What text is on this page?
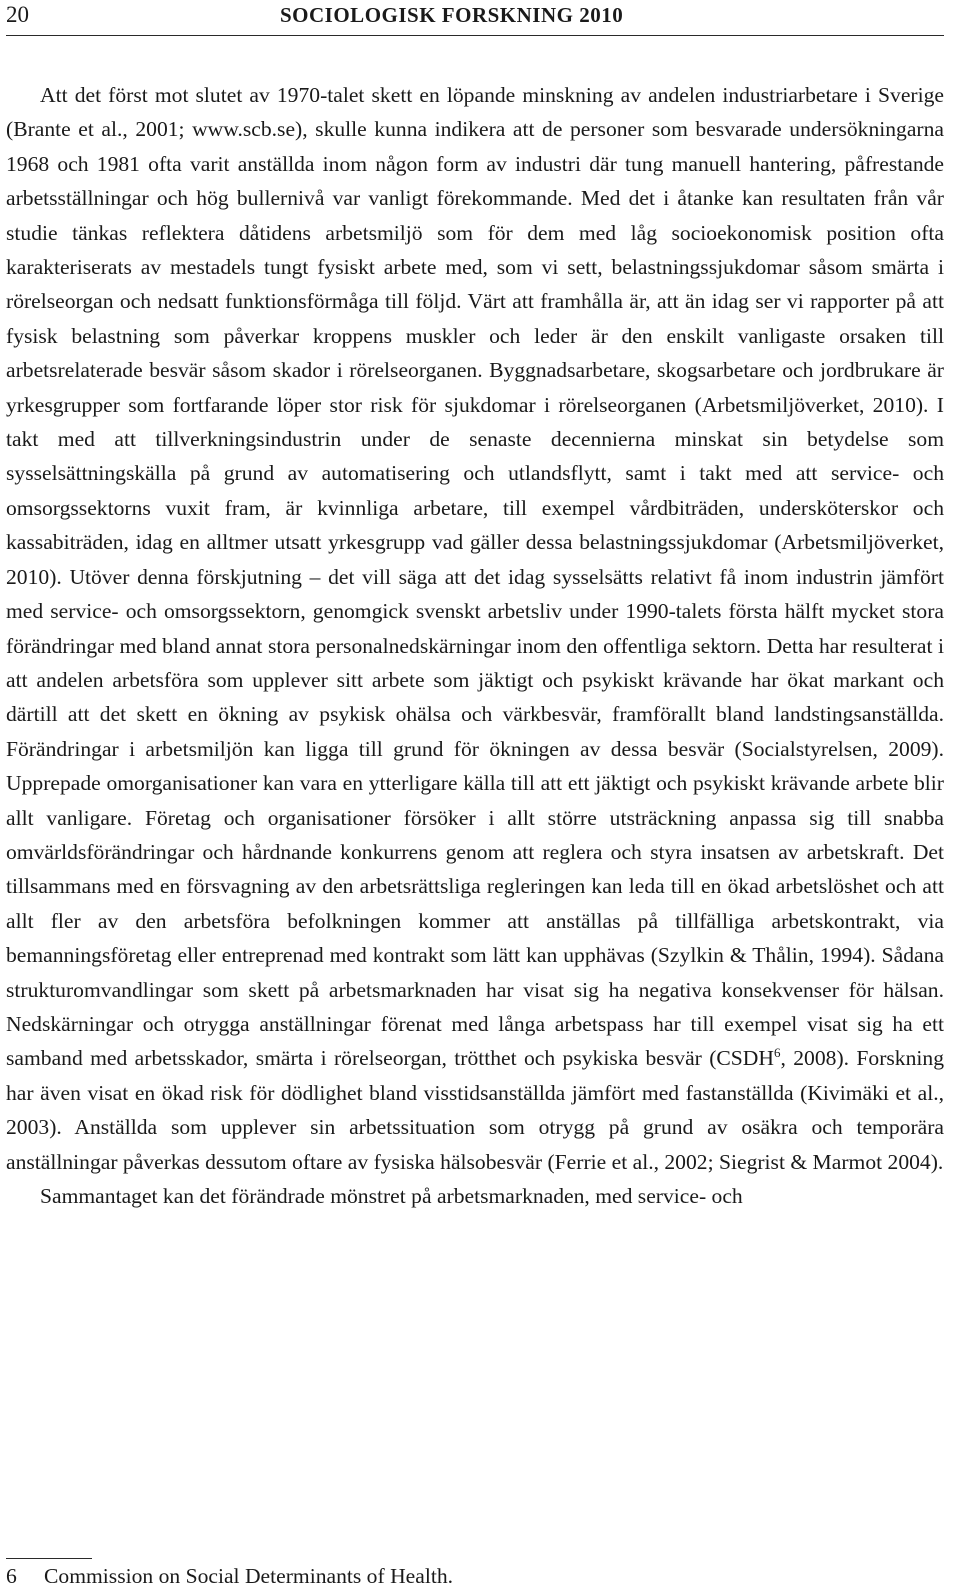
20	SOCIOLOGISK FORSKNING 2010

Att det först mot slutet av 1970-talet skett en löpande minskning av andelen industriarbetare i Sverige (Brante et al., 2001; www.scb.se), skulle kunna indikera att de personer som besvarade undersökningarna 1968 och 1981 ofta varit anställda inom någon form av industri där tung manuell hantering, påfrestande arbetsställningar och hög bullernivå var vanligt förekommande. Med det i åtanke kan resultaten från vår studie tänkas reflektera dåtidens arbetsmiljö som för dem med låg socioekonomisk position ofta karakteriserats av mestadels tungt fysiskt arbete med, som vi sett, belastningssjukdomar såsom smärta i rörelseorgan och nedsatt funktionsförmåga till följd. Värt att framhålla är, att än idag ser vi rapporter på att fysisk belastning som påverkar kroppens muskler och leder är den enskilt vanligaste orsaken till arbetsrelaterade besvär såsom skador i rörelseorganen. Byggnadsarbetare, skogsarbetare och jordbrukare är yrkesgrupper som fortfarande löper stor risk för sjukdomar i rörelseorganen (Arbetsmiljöverket, 2010). I takt med att tillverkningsindustrin under de senaste decennierna minskat sin betydelse som sysselsättningskälla på grund av automatisering och utlandsflytt, samt i takt med att service- och omsorgssektorns vuxit fram, är kvinnliga arbetare, till exempel vårdbiträden, undersköterskor och kassabiträden, idag en alltmer utsatt yrkesgrupp vad gäller dessa belastningssjukdomar (Arbetsmiljöverket, 2010). Utöver denna förskjutning – det vill säga att det idag sysselsätts relativt få inom industrin jämfört med service- och omsorgssektorn, genomgick svenskt arbetsliv under 1990-talets första hälft mycket stora förändringar med bland annat stora personalnedskärningar inom den offentliga sektorn. Detta har resulterat i att andelen arbetsföra som upplever sitt arbete som jäktigt och psykiskt krävande har ökat markant och därtill att det skett en ökning av psykisk ohälsa och värkbesvär, framförallt bland landstingsanställda. Förändringar i arbetsmiljön kan ligga till grund för ökningen av dessa besvär (Socialstyrelsen, 2009). Upprepade omorganisationer kan vara en ytterligare källa till att ett jäktigt och psykiskt krävande arbete blir allt vanligare. Företag och organisationer försöker i allt större utsträckning anpassa sig till snabba omvärldsförändringar och hårdnande konkurrens genom att reglera och styra insatsen av arbetskraft. Det tillsammans med en försvagning av den arbetsrättsliga regleringen kan leda till en ökad arbetslöshet och att allt fler av den arbetsföra befolkningen kommer att anställas på tillfälliga arbetskontrakt, via bemanningsföretag eller entreprenad med kontrakt som lätt kan upphävas (Szylkin & Thålin, 1994). Sådana strukturomvandlingar som skett på arbetsmarknaden har visat sig ha negativa konsekvenser för hälsan. Nedskärningar och otrygga anställningar förenat med långa arbetspass har till exempel visat sig ha ett samband med arbetsskador, smärta i rörelseorgan, trötthet och psykiska besvär (CSDH$^6$, 2008). Forskning har även visat en ökad risk för dödlighet bland visstidsanställda jämfört med fastanställda (Kivimäki et al., 2003). Anställda som upplever sin arbetssituation som otrygg på grund av osäkra och temporära anställningar påverkas dessutom oftare av fysiska hälsobesvär (Ferrie et al., 2002; Siegrist & Marmot 2004).

Sammantaget kan det förändrade mönstret på arbetsmarknaden, med service- och

6 Commission on Social Determinants of Health.
